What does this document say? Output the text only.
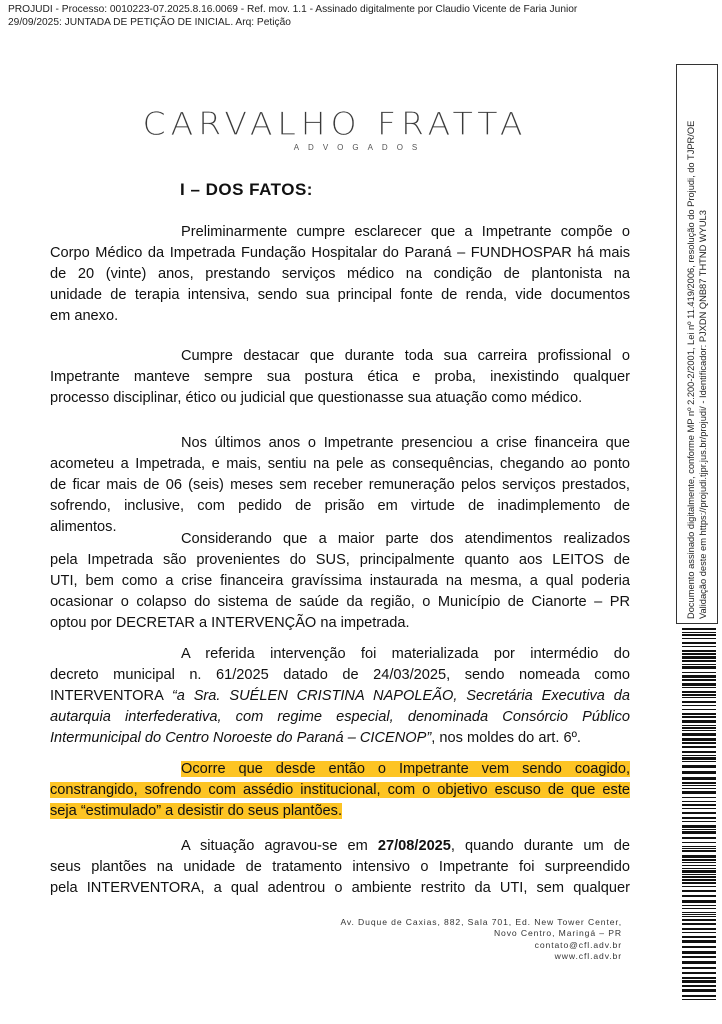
PROJUDI - Processo: 0010223-07.2025.8.16.0069 - Ref. mov. 1.1 - Assinado digitalmente por Claudio Vicente de Faria Junior
29/09/2025: JUNTADA DE PETIÇÃO DE INICIAL. Arq: Petição
CARVALHO FRATTA
ADVOGADOS
I – DOS FATOS:
Preliminarmente cumpre esclarecer que a Impetrante compõe o
Corpo Médico da Impetrada Fundação Hospitalar do Paraná – FUNDHOSPAR há mais
de 20 (vinte) anos, prestando serviços médico na condição de plantonista na
unidade de terapia intensiva, sendo sua principal fonte de renda, vide documentos
em anexo.
Cumpre destacar que durante toda sua carreira profissional o
Impetrante manteve sempre sua postura ética e proba, inexistindo qualquer
processo disciplinar, ético ou judicial que questionasse sua atuação como médico.
Nos últimos anos o Impetrante presenciou a crise financeira que
acometeu a Impetrada, e mais, sentiu na pele as consequências, chegando ao ponto
de ficar mais de 06 (seis) meses sem receber remuneração pelos serviços prestados,
sofrendo, inclusive, com pedido de prisão em virtude de inadimplemento de
alimentos.
Considerando que a maior parte dos atendimentos realizados
pela Impetrada são provenientes do SUS, principalmente quanto aos LEITOS de
UTI, bem como a crise financeira gravíssima instaurada na mesma, a qual poderia
ocasionar o colapso do sistema de saúde da região, o Município de Cianorte – PR
optou por DECRETAR a INTERVENÇÃO na impetrada.
A referida intervenção foi materializada por intermédio do
decreto municipal n. 61/2025 datado de 24/03/2025, sendo nomeada como
INTERVENTORA “a Sra. SUÉLEN CRISTINA NAPOLEÃO, Secretária Executiva da
autarquia interfederativa, com regime especial, denominada Consórcio Público
Intermunicipal do Centro Noroeste do Paraná – CICENOP”, nos moldes do art. 6º.
Ocorre que desde então o Impetrante vem sendo coagido,
constrangido, sofrendo com assédio institucional, com o objetivo escuso de que este
seja “estimulado” a desistir do seus plantões.
A situação agravou-se em 27/08/2025, quando durante um de
seus plantões na unidade de tratamento intensivo o Impetrante foi surpreendido
pela INTERVENTORA, a qual adentrou o ambiente restrito da UTI, sem qualquer
Av. Duque de Caxias, 882, Sala 701, Ed. New Tower Center,
Novo Centro, Maringá – PR
contato@cfl.adv.br
www.cfl.adv.br
Documento assinado digitalmente, conforme MP nº 2.200-2/2001, Lei nº 11.419/2006, resolução do Projudi, do TJPR/OE Validação deste em https://projudi.tjpr.jus.br/projudi/ - Identificador: PJXDN QNB87 THTND WYUL3
